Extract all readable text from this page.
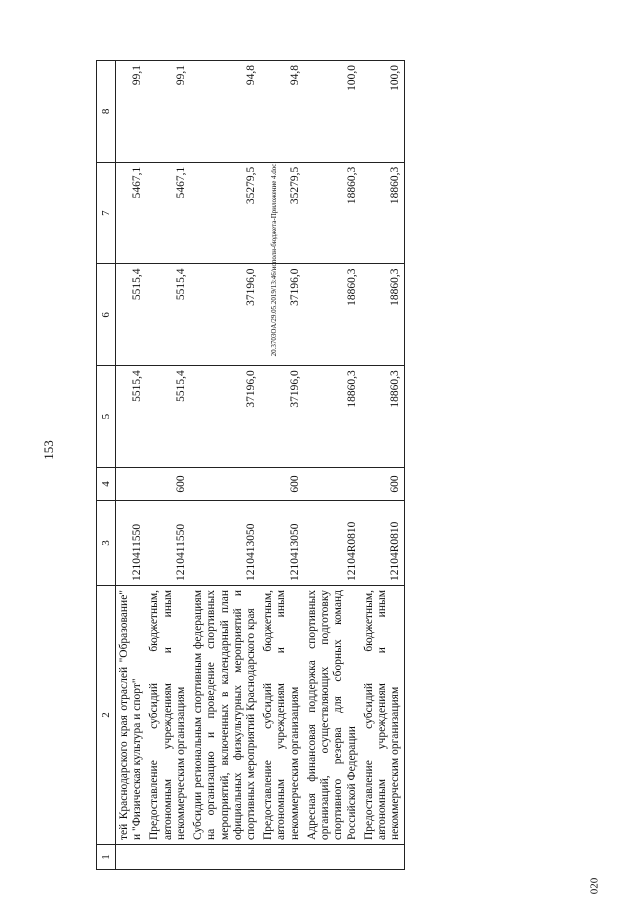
153
1	2	3	4	5	6	7	8
	тей Краснодарского края отраслей "Образование" и "Физическая культура и спорт"	1210411550		5515,4	5515,4	5467,1	99,1
	Предоставление субсидий бюджетным, автономным учреждениям и иным некоммерческим организациям	1210411550	600	5515,4	5515,4	5467,1	99,1
	Субсидии региональным спортивным федерациям на организацию и проведение спортивных мероприятий, включенных в календарный план официальных физкультурных мероприятий и спортивных мероприятий Краснодарского края	1210413050		37196,0	37196,0	35279,5	94,8
	Предоставление субсидий бюджетным, автономным учреждениям и иным некоммерческим организациям	1210413050	600	37196,0	37196,0	35279,5	94,8
	Адресная финансовая поддержка спортивных организаций, осуществляющих подготовку спортивного резерва для сборных команд Российской Федерации	12104R0810		18860,3	18860,3	18860,3	100,0
	Предоставление субсидий бюджетным, автономным учреждениям и иным некоммерческим организациям	12104R0810	600	18860,3	18860,3	18860,3	100,0
20.3703OA/29.05.2019/13:46/исполн-бюджета-Приложение 4.doc
020
